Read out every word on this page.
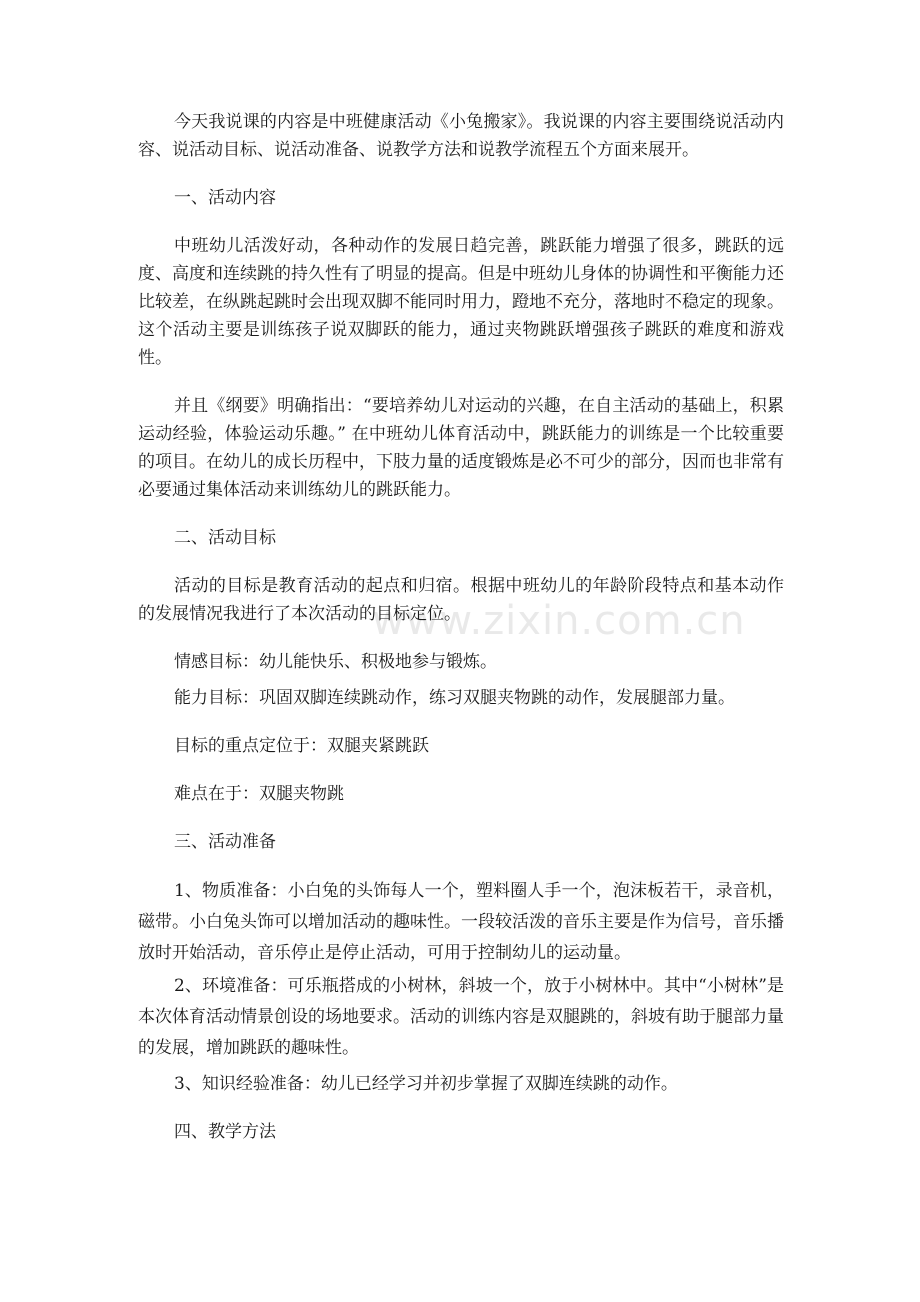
www.zixin.com.cn

今天我说课的内容是中班健康活动《小兔搬家》。我说课的内容主要围绕说活动内容、说活动目标、说活动准备、说教学方法和说教学流程五个方面来展开。

一、活动内容

中班幼儿活泼好动，各种动作的发展日趋完善，跳跃能力增强了很多，跳跃的远度、高度和连续跳的持久性有了明显的提高。但是中班幼儿身体的协调性和平衡能力还比较差，在纵跳起跳时会出现双脚不能同时用力，蹬地不充分，落地时不稳定的现象。这个活动主要是训练孩子说双脚跃的能力，通过夹物跳跃增强孩子跳跃的难度和游戏性。

并且《纲要》明确指出：“要培养幼儿对运动的兴趣，在自主活动的基础上，积累运动经验，体验运动乐趣。” 在中班幼儿体育活动中，跳跃能力的训练是一个比较重要的项目。在幼儿的成长历程中，下肢力量的适度锻炼是必不可少的部分，因而也非常有必要通过集体活动来训练幼儿的跳跃能力。

二、活动目标

活动的目标是教育活动的起点和归宿。根据中班幼儿的年龄阶段特点和基本动作的发展情况我进行了本次活动的目标定位。

情感目标：幼儿能快乐、积极地参与锻炼。

能力目标：巩固双脚连续跳动作，练习双腿夹物跳的动作，发展腿部力量。

目标的重点定位于：双腿夹紧跳跃

难点在于：双腿夹物跳

三、活动准备

1、物质准备：小白兔的头饰每人一个，塑料圈人手一个，泡沫板若干，录音机，磁带。小白兔头饰可以增加活动的趣味性。一段较活泼的音乐主要是作为信号，音乐播放时开始活动，音乐停止是停止活动，可用于控制幼儿的运动量。

2、环境准备：可乐瓶搭成的小树林，斜坡一个，放于小树林中。其中“小树林”是本次体育活动情景创设的场地要求。活动的训练内容是双腿跳的，斜坡有助于腿部力量的发展，增加跳跃的趣味性。

3、知识经验准备：幼儿已经学习并初步掌握了双脚连续跳的动作。

四、教学方法
